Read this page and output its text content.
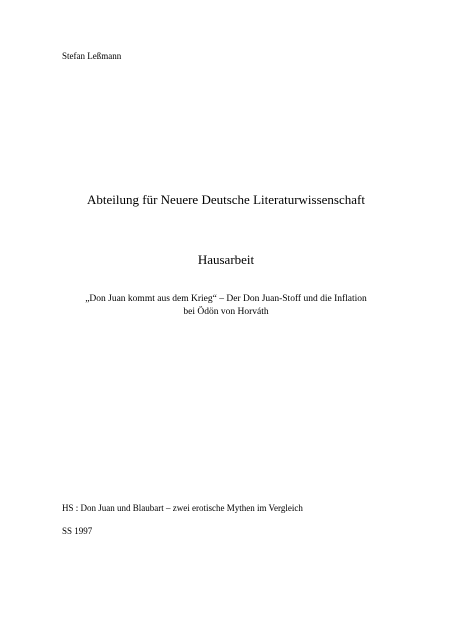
Stefan Leßmann
Abteilung für Neuere Deutsche Literaturwissenschaft
Hausarbeit
„Don Juan kommt aus dem Krieg“ – Der Don Juan-Stoff und die Inflation
bei Ödön von Horváth
HS : Don Juan und Blaubart – zwei erotische Mythen im Vergleich
SS 1997
